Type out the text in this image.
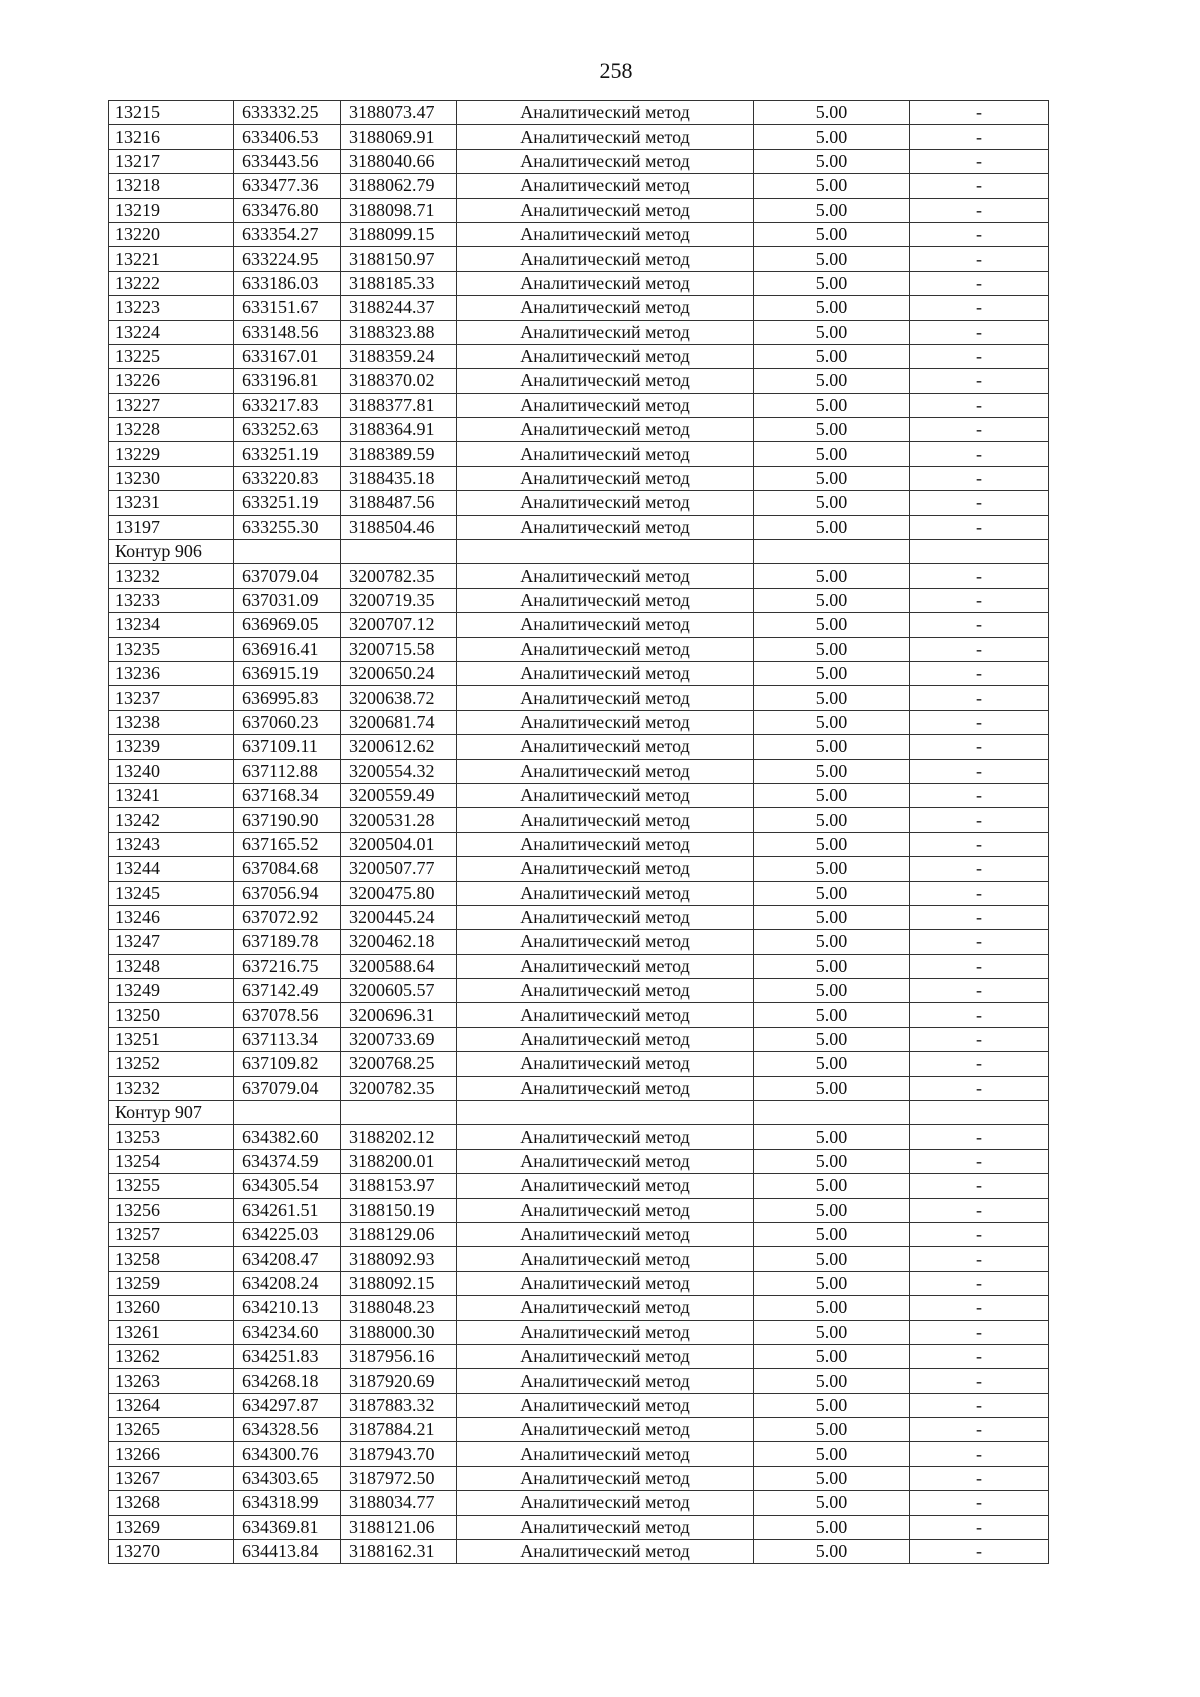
258
13215	633332.25	3188073.47	Аналитический метод	5.00	-
13216	633406.53	3188069.91	Аналитический метод	5.00	-
13217	633443.56	3188040.66	Аналитический метод	5.00	-
13218	633477.36	3188062.79	Аналитический метод	5.00	-
13219	633476.80	3188098.71	Аналитический метод	5.00	-
13220	633354.27	3188099.15	Аналитический метод	5.00	-
13221	633224.95	3188150.97	Аналитический метод	5.00	-
13222	633186.03	3188185.33	Аналитический метод	5.00	-
13223	633151.67	3188244.37	Аналитический метод	5.00	-
13224	633148.56	3188323.88	Аналитический метод	5.00	-
13225	633167.01	3188359.24	Аналитический метод	5.00	-
13226	633196.81	3188370.02	Аналитический метод	5.00	-
13227	633217.83	3188377.81	Аналитический метод	5.00	-
13228	633252.63	3188364.91	Аналитический метод	5.00	-
13229	633251.19	3188389.59	Аналитический метод	5.00	-
13230	633220.83	3188435.18	Аналитический метод	5.00	-
13231	633251.19	3188487.56	Аналитический метод	5.00	-
13197	633255.30	3188504.46	Аналитический метод	5.00	-
Контур 906					
13232	637079.04	3200782.35	Аналитический метод	5.00	-
13233	637031.09	3200719.35	Аналитический метод	5.00	-
13234	636969.05	3200707.12	Аналитический метод	5.00	-
13235	636916.41	3200715.58	Аналитический метод	5.00	-
13236	636915.19	3200650.24	Аналитический метод	5.00	-
13237	636995.83	3200638.72	Аналитический метод	5.00	-
13238	637060.23	3200681.74	Аналитический метод	5.00	-
13239	637109.11	3200612.62	Аналитический метод	5.00	-
13240	637112.88	3200554.32	Аналитический метод	5.00	-
13241	637168.34	3200559.49	Аналитический метод	5.00	-
13242	637190.90	3200531.28	Аналитический метод	5.00	-
13243	637165.52	3200504.01	Аналитический метод	5.00	-
13244	637084.68	3200507.77	Аналитический метод	5.00	-
13245	637056.94	3200475.80	Аналитический метод	5.00	-
13246	637072.92	3200445.24	Аналитический метод	5.00	-
13247	637189.78	3200462.18	Аналитический метод	5.00	-
13248	637216.75	3200588.64	Аналитический метод	5.00	-
13249	637142.49	3200605.57	Аналитический метод	5.00	-
13250	637078.56	3200696.31	Аналитический метод	5.00	-
13251	637113.34	3200733.69	Аналитический метод	5.00	-
13252	637109.82	3200768.25	Аналитический метод	5.00	-
13232	637079.04	3200782.35	Аналитический метод	5.00	-
Контур 907					
13253	634382.60	3188202.12	Аналитический метод	5.00	-
13254	634374.59	3188200.01	Аналитический метод	5.00	-
13255	634305.54	3188153.97	Аналитический метод	5.00	-
13256	634261.51	3188150.19	Аналитический метод	5.00	-
13257	634225.03	3188129.06	Аналитический метод	5.00	-
13258	634208.47	3188092.93	Аналитический метод	5.00	-
13259	634208.24	3188092.15	Аналитический метод	5.00	-
13260	634210.13	3188048.23	Аналитический метод	5.00	-
13261	634234.60	3188000.30	Аналитический метод	5.00	-
13262	634251.83	3187956.16	Аналитический метод	5.00	-
13263	634268.18	3187920.69	Аналитический метод	5.00	-
13264	634297.87	3187883.32	Аналитический метод	5.00	-
13265	634328.56	3187884.21	Аналитический метод	5.00	-
13266	634300.76	3187943.70	Аналитический метод	5.00	-
13267	634303.65	3187972.50	Аналитический метод	5.00	-
13268	634318.99	3188034.77	Аналитический метод	5.00	-
13269	634369.81	3188121.06	Аналитический метод	5.00	-
13270	634413.84	3188162.31	Аналитический метод	5.00	-
